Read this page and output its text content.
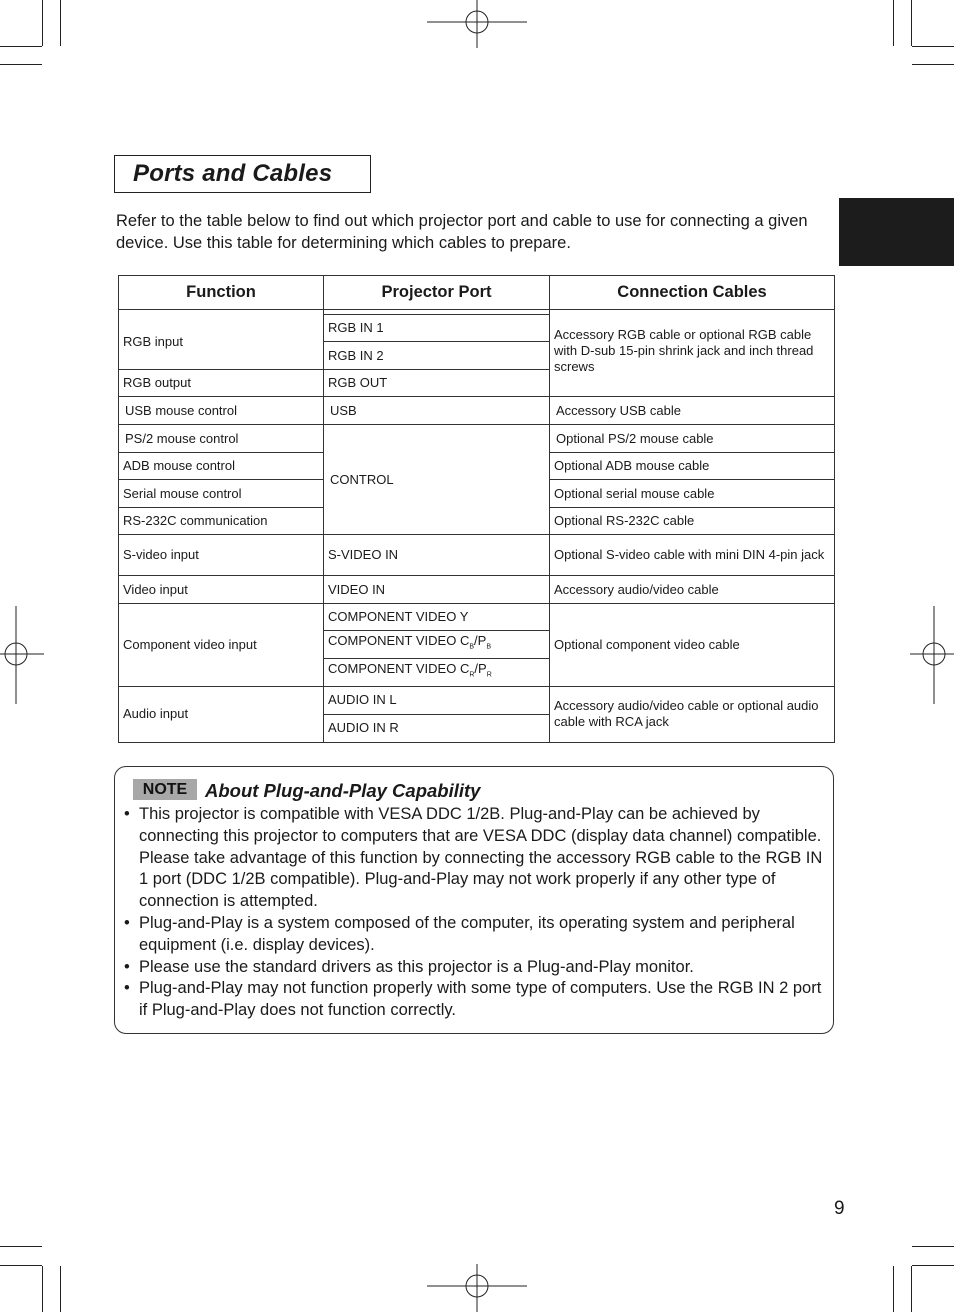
Ports and Cables

Refer to the table below to find out which projector port and cable to use for connecting a given device. Use this table for determining which cables to prepare.

Function	Projector Port	Connection Cables

RGB input	RGB IN 1	Accessory RGB cable or optional RGB cable with D-sub 15-pin shrink jack and inch thread screws
	RGB IN 2	
RGB output	RGB OUT	
USB mouse control	USB	Accessory USB cable
PS/2 mouse control	CONTROL	Optional PS/2 mouse cable
ADB mouse control		Optional ADB mouse cable
Serial mouse control		Optional serial mouse cable
RS-232C communication		Optional RS-232C cable
S-video input	S-VIDEO IN	Optional S-video cable with mini DIN 4-pin jack
Video input	VIDEO IN	Accessory audio/video cable
Component video input	COMPONENT VIDEO Y	Optional component video cable
	COMPONENT VIDEO $C_B/P_B$
	COMPONENT VIDEO $C_R/P_R$
Audio input	AUDIO IN L	Accessory audio/video cable or optional audio cable with RCA jack
	AUDIO IN R	
NOTE About Plug-and-Play Capability
• This projector is compatible with VESA DDC 1/2B. Plug-and-Play can be achieved by connecting this projector to computers that are VESA DDC (display data channel) compatible. Please take advantage of this function by connecting the accessory RGB cable to the RGB IN 1 port (DDC 1/2B compatible). Plug-and-Play may not work properly if any other type of connection is attempted.
• Plug-and-Play is a system composed of the computer, its operating system and peripheral equipment (i.e. display devices).
• Please use the standard drivers as this projector is a Plug-and-Play monitor.
• Plug-and-Play may not function properly with some type of computers. Use the RGB IN 2 port if Plug-and-Play does not function correctly.
9
